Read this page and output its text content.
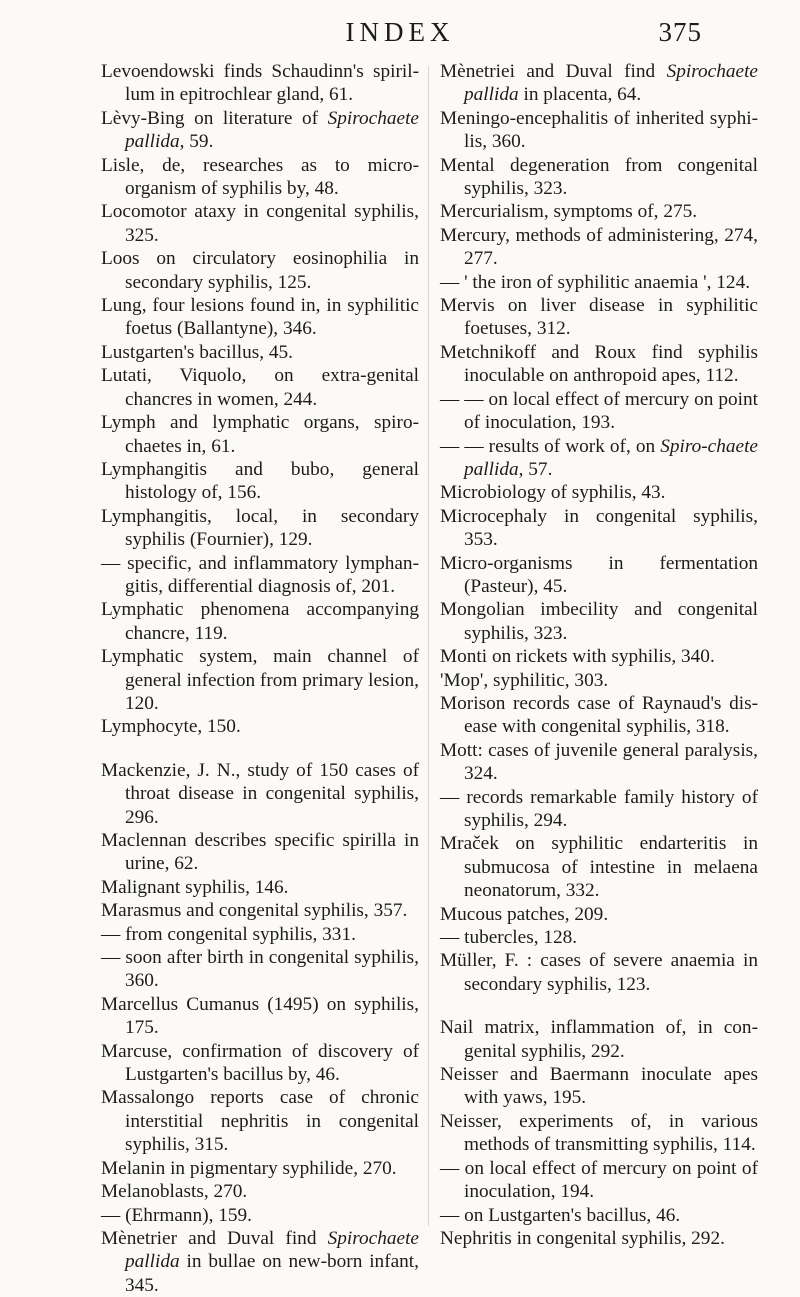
INDEX	375
Levoendowski finds Schaudinn's spiril-lum in epitrochlear gland, 61.
Lèvy-Bing on literature of Spirochaete pallida, 59.
Lisle, de, researches as to micro-organism of syphilis by, 48.
Locomotor ataxy in congenital syphilis, 325.
Loos on circulatory eosinophilia in secondary syphilis, 125.
Lung, four lesions found in, in syphilitic foetus (Ballantyne), 346.
Lustgarten's bacillus, 45.
Lutati, Viquolo, on extra-genital chancres in women, 244.
Lymph and lymphatic organs, spiro-chaetes in, 61.
Lymphangitis and bubo, general histology of, 156.
Lymphangitis, local, in secondary syphilis (Fournier), 129.
— specific, and inflammatory lymphan-gitis, differential diagnosis of, 201.
Lymphatic phenomena accompanying chancre, 119.
Lymphatic system, main channel of general infection from primary lesion, 120.
Lymphocyte, 150.
Mackenzie, J. N., study of 150 cases of throat disease in congenital syphilis, 296.
Maclennan describes specific spirilla in urine, 62.
Malignant syphilis, 146.
Marasmus and congenital syphilis, 357.
— from congenital syphilis, 331.
— soon after birth in congenital syphilis, 360.
Marcellus Cumanus (1495) on syphilis, 175.
Marcuse, confirmation of discovery of Lustgarten's bacillus by, 46.
Massalongo reports case of chronic interstitial nephritis in congenital syphilis, 315.
Melanin in pigmentary syphilide, 270.
Melanoblasts, 270.
— (Ehrmann), 159.
Mènetrier and Duval find Spirochaete pallida in bullae on new-born infant, 345.
Mènetriei and Duval find Spirochaete pallida in placenta, 64.
Meningo-encephalitis of inherited syphi-lis, 360.
Mental degeneration from congenital syphilis, 323.
Mercurialism, symptoms of, 275.
Mercury, methods of administering, 274, 277.
— ' the iron of syphilitic anaemia ', 124.
Mervis on liver disease in syphilitic foetuses, 312.
Metchnikoff and Roux find syphilis inoculable on anthropoid apes, 112.
— — on local effect of mercury on point of inoculation, 193.
— — results of work of, on Spiro-chaete pallida, 57.
Microbiology of syphilis, 43.
Microcephaly in congenital syphilis, 353.
Micro-organisms in fermentation (Pasteur), 45.
Mongolian imbecility and congenital syphilis, 323.
Monti on rickets with syphilis, 340.
'Mop', syphilitic, 303.
Morison records case of Raynaud's dis-ease with congenital syphilis, 318.
Mott: cases of juvenile general paralysis, 324.
— records remarkable family history of syphilis, 294.
Mraček on syphilitic endarteritis in submucosa of intestine in melaena neonatorum, 332.
Mucous patches, 209.
— tubercles, 128.
Müller, F. : cases of severe anaemia in secondary syphilis, 123.
Nail matrix, inflammation of, in con-genital syphilis, 292.
Neisser and Baermann inoculate apes with yaws, 195.
Neisser, experiments of, in various methods of transmitting syphilis, 114.
— on local effect of mercury on point of inoculation, 194.
— on Lustgarten's bacillus, 46.
Nephritis in congenital syphilis, 292.
